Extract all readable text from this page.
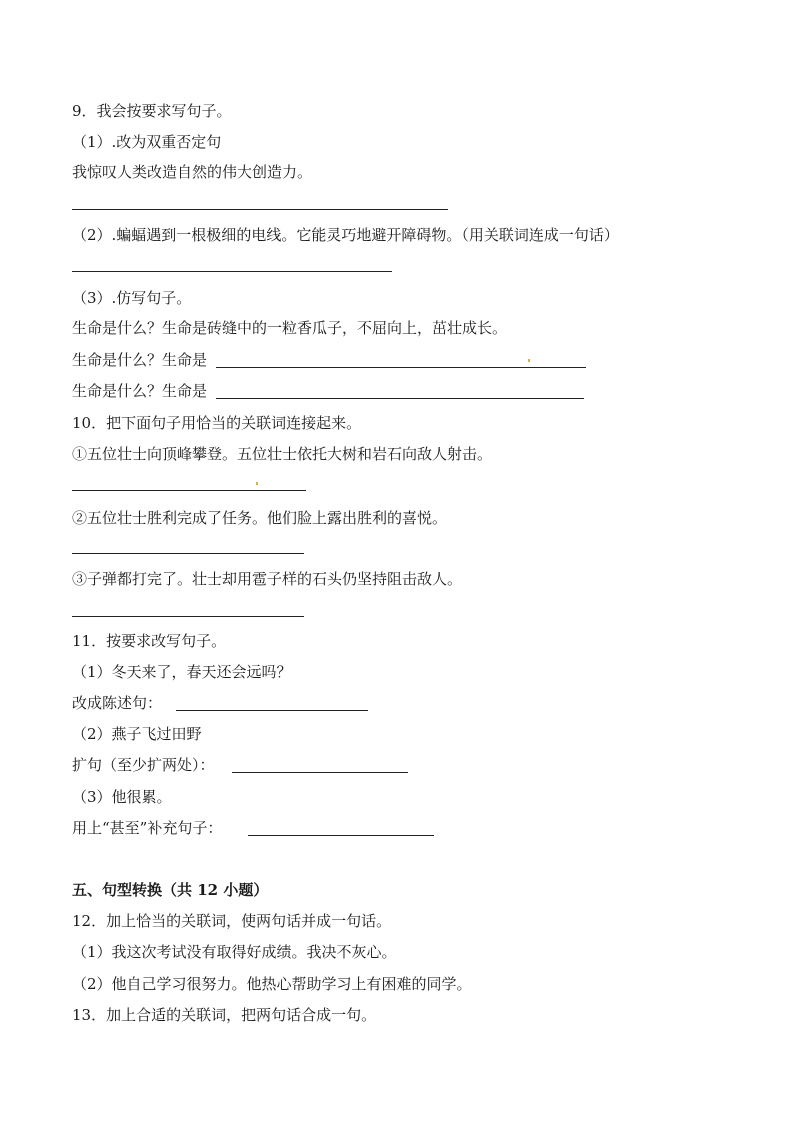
9．我会按要求写句子。
（1）.改为双重否定句
我惊叹人类改造自然的伟大创造力。
（2）.蝙蝠遇到一根极细的电线。它能灵巧地避开障碍物。（用关联词连成一句话）
（3）.仿写句子。
生命是什么？生命是砖缝中的一粒香瓜子，不屈向上，茁壮成长。
生命是什么？生命是
生命是什么？生命是
10．把下面句子用恰当的关联词连接起来。
①五位壮士向顶峰攀登。五位壮士依托大树和岩石向敌人射击。
②五位壮士胜利完成了任务。他们脸上露出胜利的喜悦。
③子弹都打完了。壮士却用雹子样的石头仍坚持阻击敌人。
11．按要求改写句子。
（1）冬天来了，春天还会远吗？
改成陈述句：
（2）燕子飞过田野
扩句（至少扩两处）：
（3）他很累。
用上“甚至”补充句子：
五、句型转换（共 12 小题）
12．加上恰当的关联词，使两句话并成一句话。
（1）我这次考试没有取得好成绩。我决不灰心。
（2）他自己学习很努力。他热心帮助学习上有困难的同学。
13．加上合适的关联词，把两句话合成一句。
